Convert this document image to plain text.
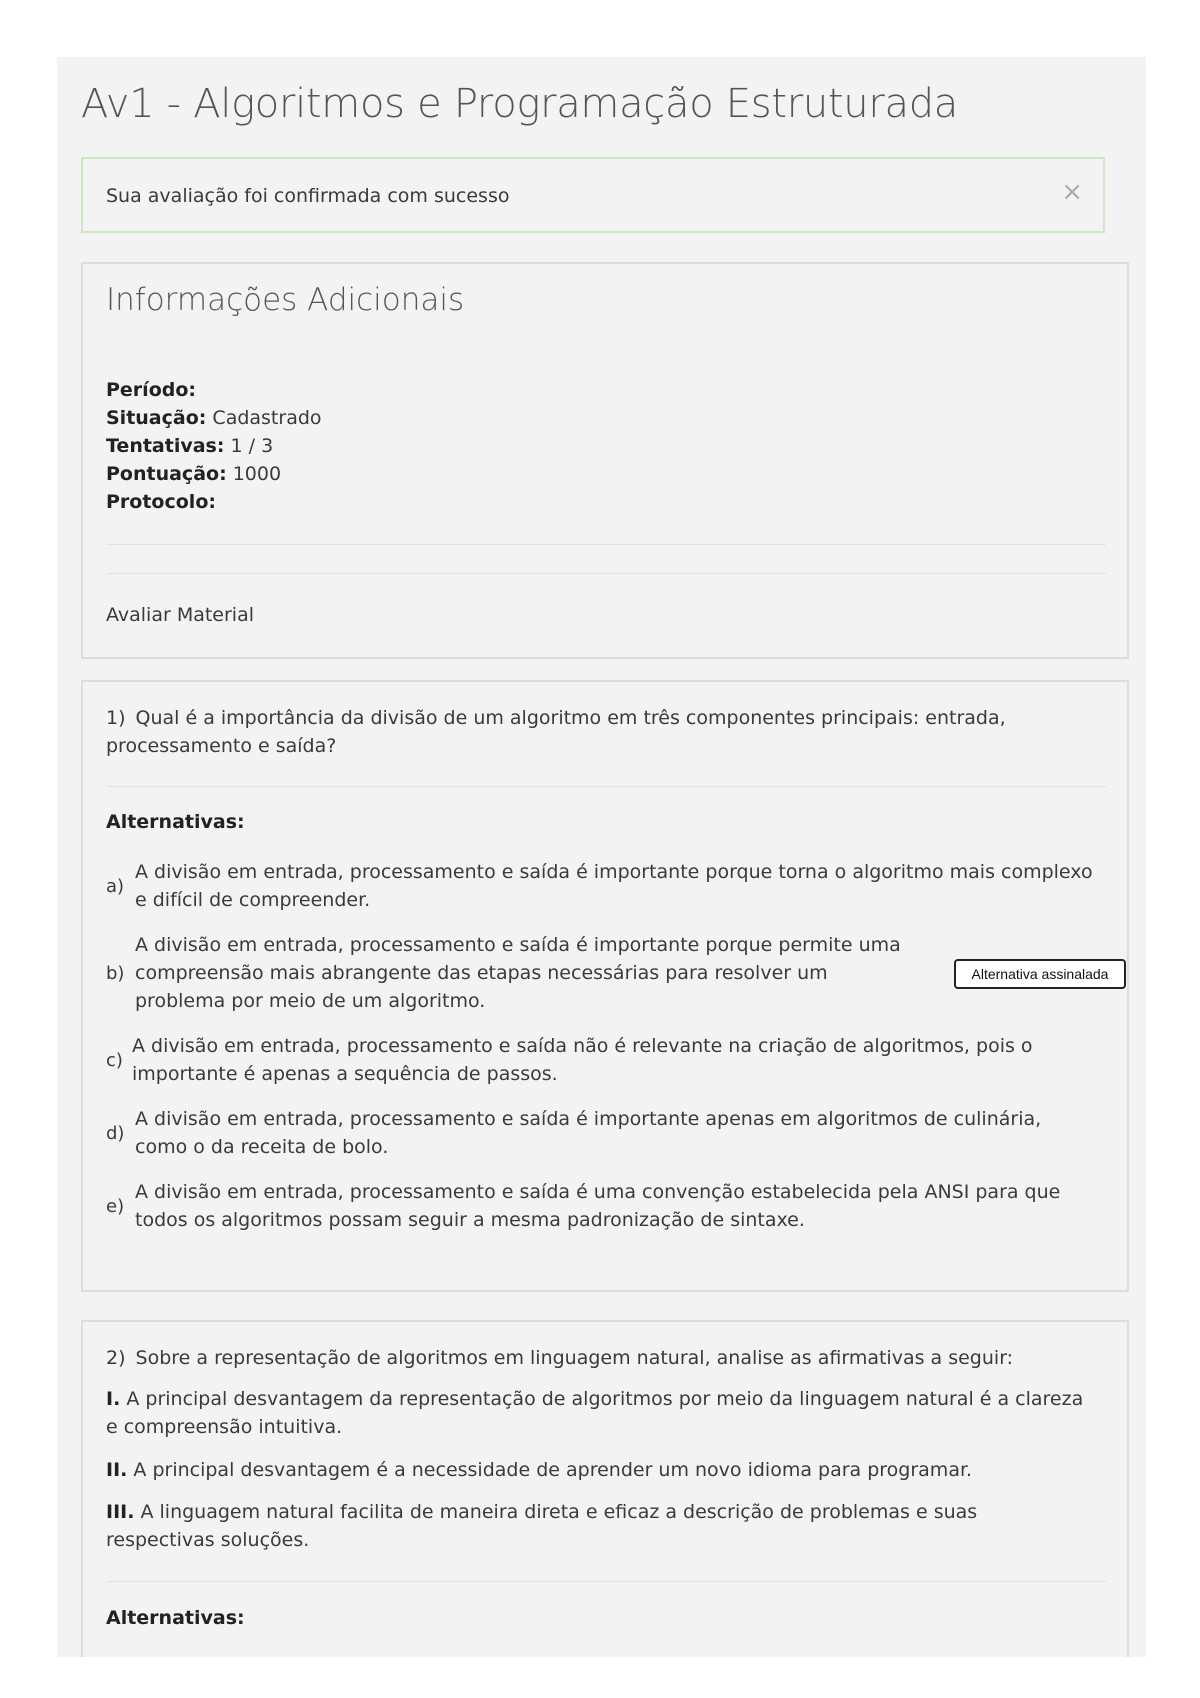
Av1 - Algoritmos e Programação Estruturada
Sua avaliação foi confirmada com sucesso	×
Informações Adicionais
Período:
Situação: Cadastrado
Tentativas: 1 / 3
Pontuação: 1000
Protocolo:
Avaliar Material

1) Qual é a importância da divisão de um algoritmo em três componentes principais: entrada, processamento e saída?

Alternativas:
a)
A divisão em entrada, processamento e saída é importante porque torna o algoritmo mais complexo e difícil de compreender.
b)
A divisão em entrada, processamento e saída é importante porque permite uma compreensão mais abrangente das etapas necessárias para resolver um problema por meio de um algoritmo.
Alternativa assinalada
c)
A divisão em entrada, processamento e saída não é relevante na criação de algoritmos, pois o importante é apenas a sequência de passos.
d)
A divisão em entrada, processamento e saída é importante apenas em algoritmos de culinária, como o da receita de bolo.
e)
A divisão em entrada, processamento e saída é uma convenção estabelecida pela ANSI para que todos os algoritmos possam seguir a mesma padronização de sintaxe.

2) Sobre a representação de algoritmos em linguagem natural, analise as afirmativas a seguir:

I. A principal desvantagem da representação de algoritmos por meio da linguagem natural é a clareza e compreensão intuitiva.

II. A principal desvantagem é a necessidade de aprender um novo idioma para programar.

III. A linguagem natural facilita de maneira direta e eficaz a descrição de problemas e suas respectivas soluções.

Alternativas:
